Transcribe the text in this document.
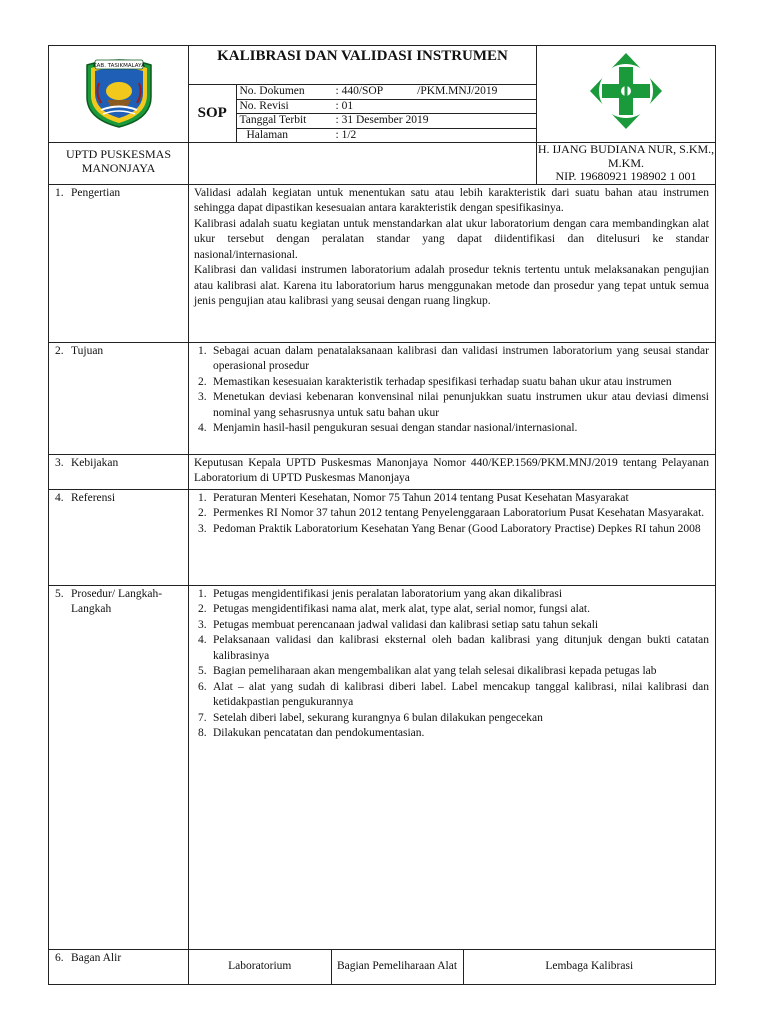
KAB. TASIKMALAYA

KALIBRASI DAN VALIDASI INSTRUMEN
SOP	
No. Dokumen	: 440/SOP            /PKM.MNJ/2019
No. Revisi	: 01
Tanggal Terbit	: 31 Desember 2019
Halaman	: 1/2

UPTD PUSKESMAS MANONJAYA		
H. IJANG BUDIANA NUR, S.KM., M.KM.
NIP. 19680921 198902 1 001

1. Pengertian	Validasi adalah kegiatan untuk menentukan satu atau lebih karakteristik dari suatu bahan atau instrumen sehingga dapat dipastikan kesesuaian antara karakteristik dengan spesifikasinya.

Kalibrasi adalah suatu kegiatan untuk menstandarkan alat ukur laboratorium dengan cara membandingkan alat ukur tersebut dengan peralatan standar yang dapat diidentifikasi dan ditelusuri ke standar nasional/internasional.

Kalibrasi dan validasi instrumen laboratorium adalah prosedur teknis tertentu untuk melaksanakan pengujian atau kalibrasi alat. Karena itu laboratorium harus menggunakan metode dan prosedur yang tepat untuk semua jenis pengujian atau kalibrasi yang seusai dengan ruang lingkup.

2. Tujuan	1. Sebagai acuan dalam penatalaksanaan kalibrasi dan validasi instrumen laboratorium yang seusai standar operasional prosedur
2. Memastikan kesesuaian karakteristik terhadap spesifikasi terhadap suatu bahan ukur atau instrumen
3. Menetukan deviasi kebenaran konvensinal nilai penunjukkan suatu instrumen ukur atau deviasi dimensi nominal yang sehasrusnya untuk satu bahan ukur
4. Menjamin hasil-hasil pengukuran sesuai dengan standar nasional/internasional.

3. Kebijakan	Keputusan Kepala UPTD Puskesmas Manonjaya Nomor 440/KEP.1569/PKM.MNJ/2019 tentang Pelayanan Laboratorium di UPTD Puskesmas Manonjaya
4. Referensi	1. Peraturan Menteri Kesehatan, Nomor 75 Tahun 2014 tentang Pusat Kesehatan Masyarakat
2. Permenkes RI Nomor 37 tahun 2012 tentang Penyelenggaraan Laboratorium Pusat Kesehatan Masyarakat.
3. Pedoman Praktik Laboratorium Kesehatan Yang Benar (Good Laboratory Practise) Depkes RI tahun 2008

5. Prosedur/ Langkah-Langkah

1. Petugas mengidentifikasi jenis peralatan laboratorium yang akan dikalibrasi
2. Petugas mengidentifikasi nama alat, merk alat, type alat, serial nomor, fungsi alat.
3. Petugas membuat perencanaan jadwal validasi dan kalibrasi setiap satu tahun sekali
4. Pelaksanaan validasi dan kalibrasi eksternal oleh badan kalibrasi yang ditunjuk dengan bukti catatan kalibrasinya
5. Bagian pemeliharaan akan mengembalikan alat yang telah selesai dikalibrasi kepada petugas lab
6. Alat – alat yang sudah di kalibrasi diberi label. Label mencakup tanggal kalibrasi, nilai kalibrasi dan ketidakpastian pengukurannya
7. Setelah diberi label, sekurang kurangnya 6 bulan dilakukan pengecekan
8. Dilakukan pencatatan dan pendokumentasian.

6. Bagan Alir	
Laboratorium	Bagian Pemeliharaan Alat	Lembaga Kalibrasi
